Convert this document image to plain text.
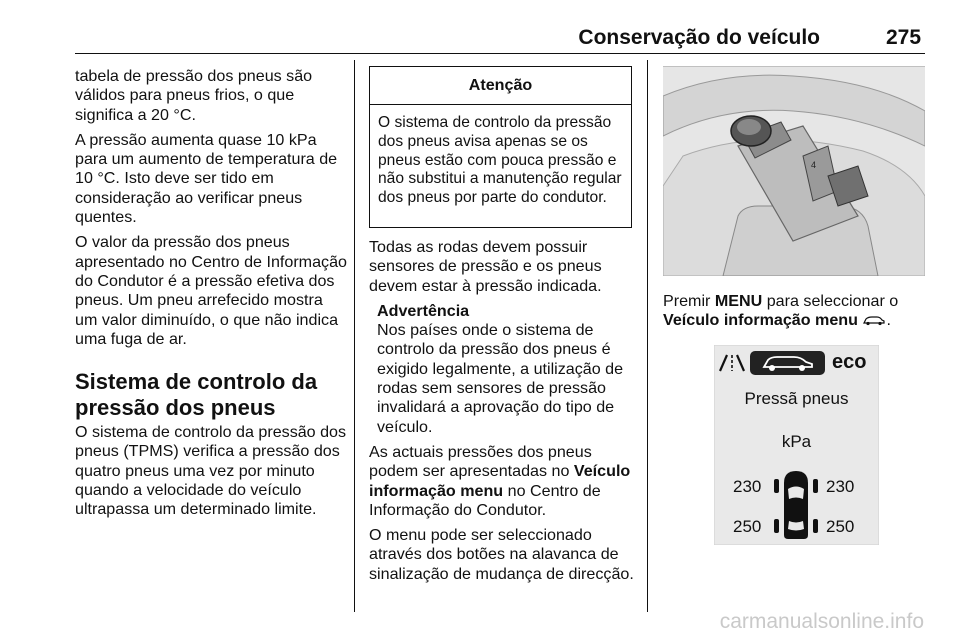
Conservação do veículo	275

tabela de pressão dos pneus são válidos para pneus frios, o que significa a 20 °C.

A pressão aumenta quase 10 kPa para um aumento de temperatura de 10 °C. Isto deve ser tido em consideração ao verificar pneus quentes.

O valor da pressão dos pneus apresentado no Centro de Informação do Condutor é a pressão efetiva dos pneus. Um pneu arrefecido mostra um valor diminuído, o que não indica uma fuga de ar.

Sistema de controlo da pressão dos pneus

O sistema de controlo da pressão dos pneus (TPMS) verifica a pressão dos quatro pneus uma vez por minuto quando a velocidade do veículo ultrapassa um determinado limite.

Atenção
O sistema de controlo da pressão dos pneus avisa apenas se os pneus estão com pouca pressão e não substitui a manutenção regular dos pneus por parte do condutor.

Todas as rodas devem possuir sensores de pressão e os pneus devem estar à pressão indicada.

Advertência
Nos países onde o sistema de controlo da pressão dos pneus é exigido legalmente, a utilização de rodas sem sensores de pressão invalidará a aprovação do tipo de veículo.

As actuais pressões dos pneus podem ser apresentadas no Veículo informação menu no Centro de Informação do Condutor.

O menu pode ser seleccionado através dos botões na alavanca de sinalização de mudança de direcção.

4
Premir MENU para seleccionar o Veículo informação menu .
eco
Pressã pneus
kPa
230	230
250	250
carmanualsonline.info
